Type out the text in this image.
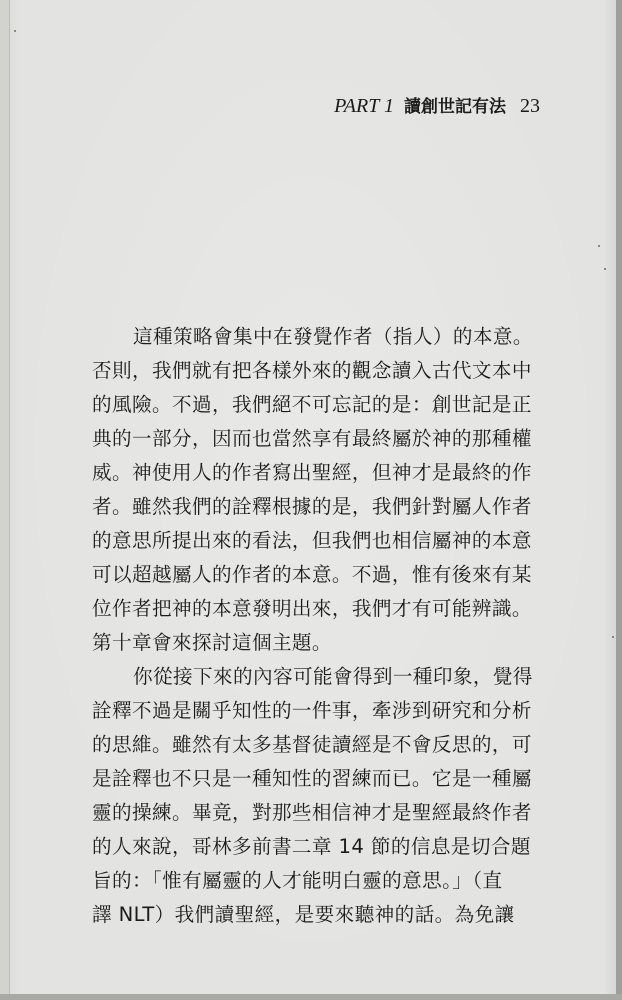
PART 1 讀創世記有法 23
這種策略會集中在發覺作者（指人）的本意。
否則，我們就有把各樣外來的觀念讀入古代文本中
的風險。不過，我們絕不可忘記的是：創世記是正
典的一部分，因而也當然享有最終屬於神的那種權
威。神使用人的作者寫出聖經，但神才是最終的作
者。雖然我們的詮釋根據的是，我們針對屬人作者
的意思所提出來的看法，但我們也相信屬神的本意
可以超越屬人的作者的本意。不過，惟有後來有某
位作者把神的本意發明出來，我們才有可能辨識。
第十章會來探討這個主題。
你從接下來的內容可能會得到一種印象，覺得
詮釋不過是關乎知性的一件事，牽涉到研究和分析
的思維。雖然有太多基督徒讀經是不會反思的，可
是詮釋也不只是一種知性的習練而已。它是一種屬
靈的操練。畢竟，對那些相信神才是聖經最終作者
的人來說，哥林多前書二章 14 節的信息是切合題
旨的：「惟有屬靈的人才能明白靈的意思。」（直
譯 NLT）我們讀聖經，是要來聽神的話。為免讓
